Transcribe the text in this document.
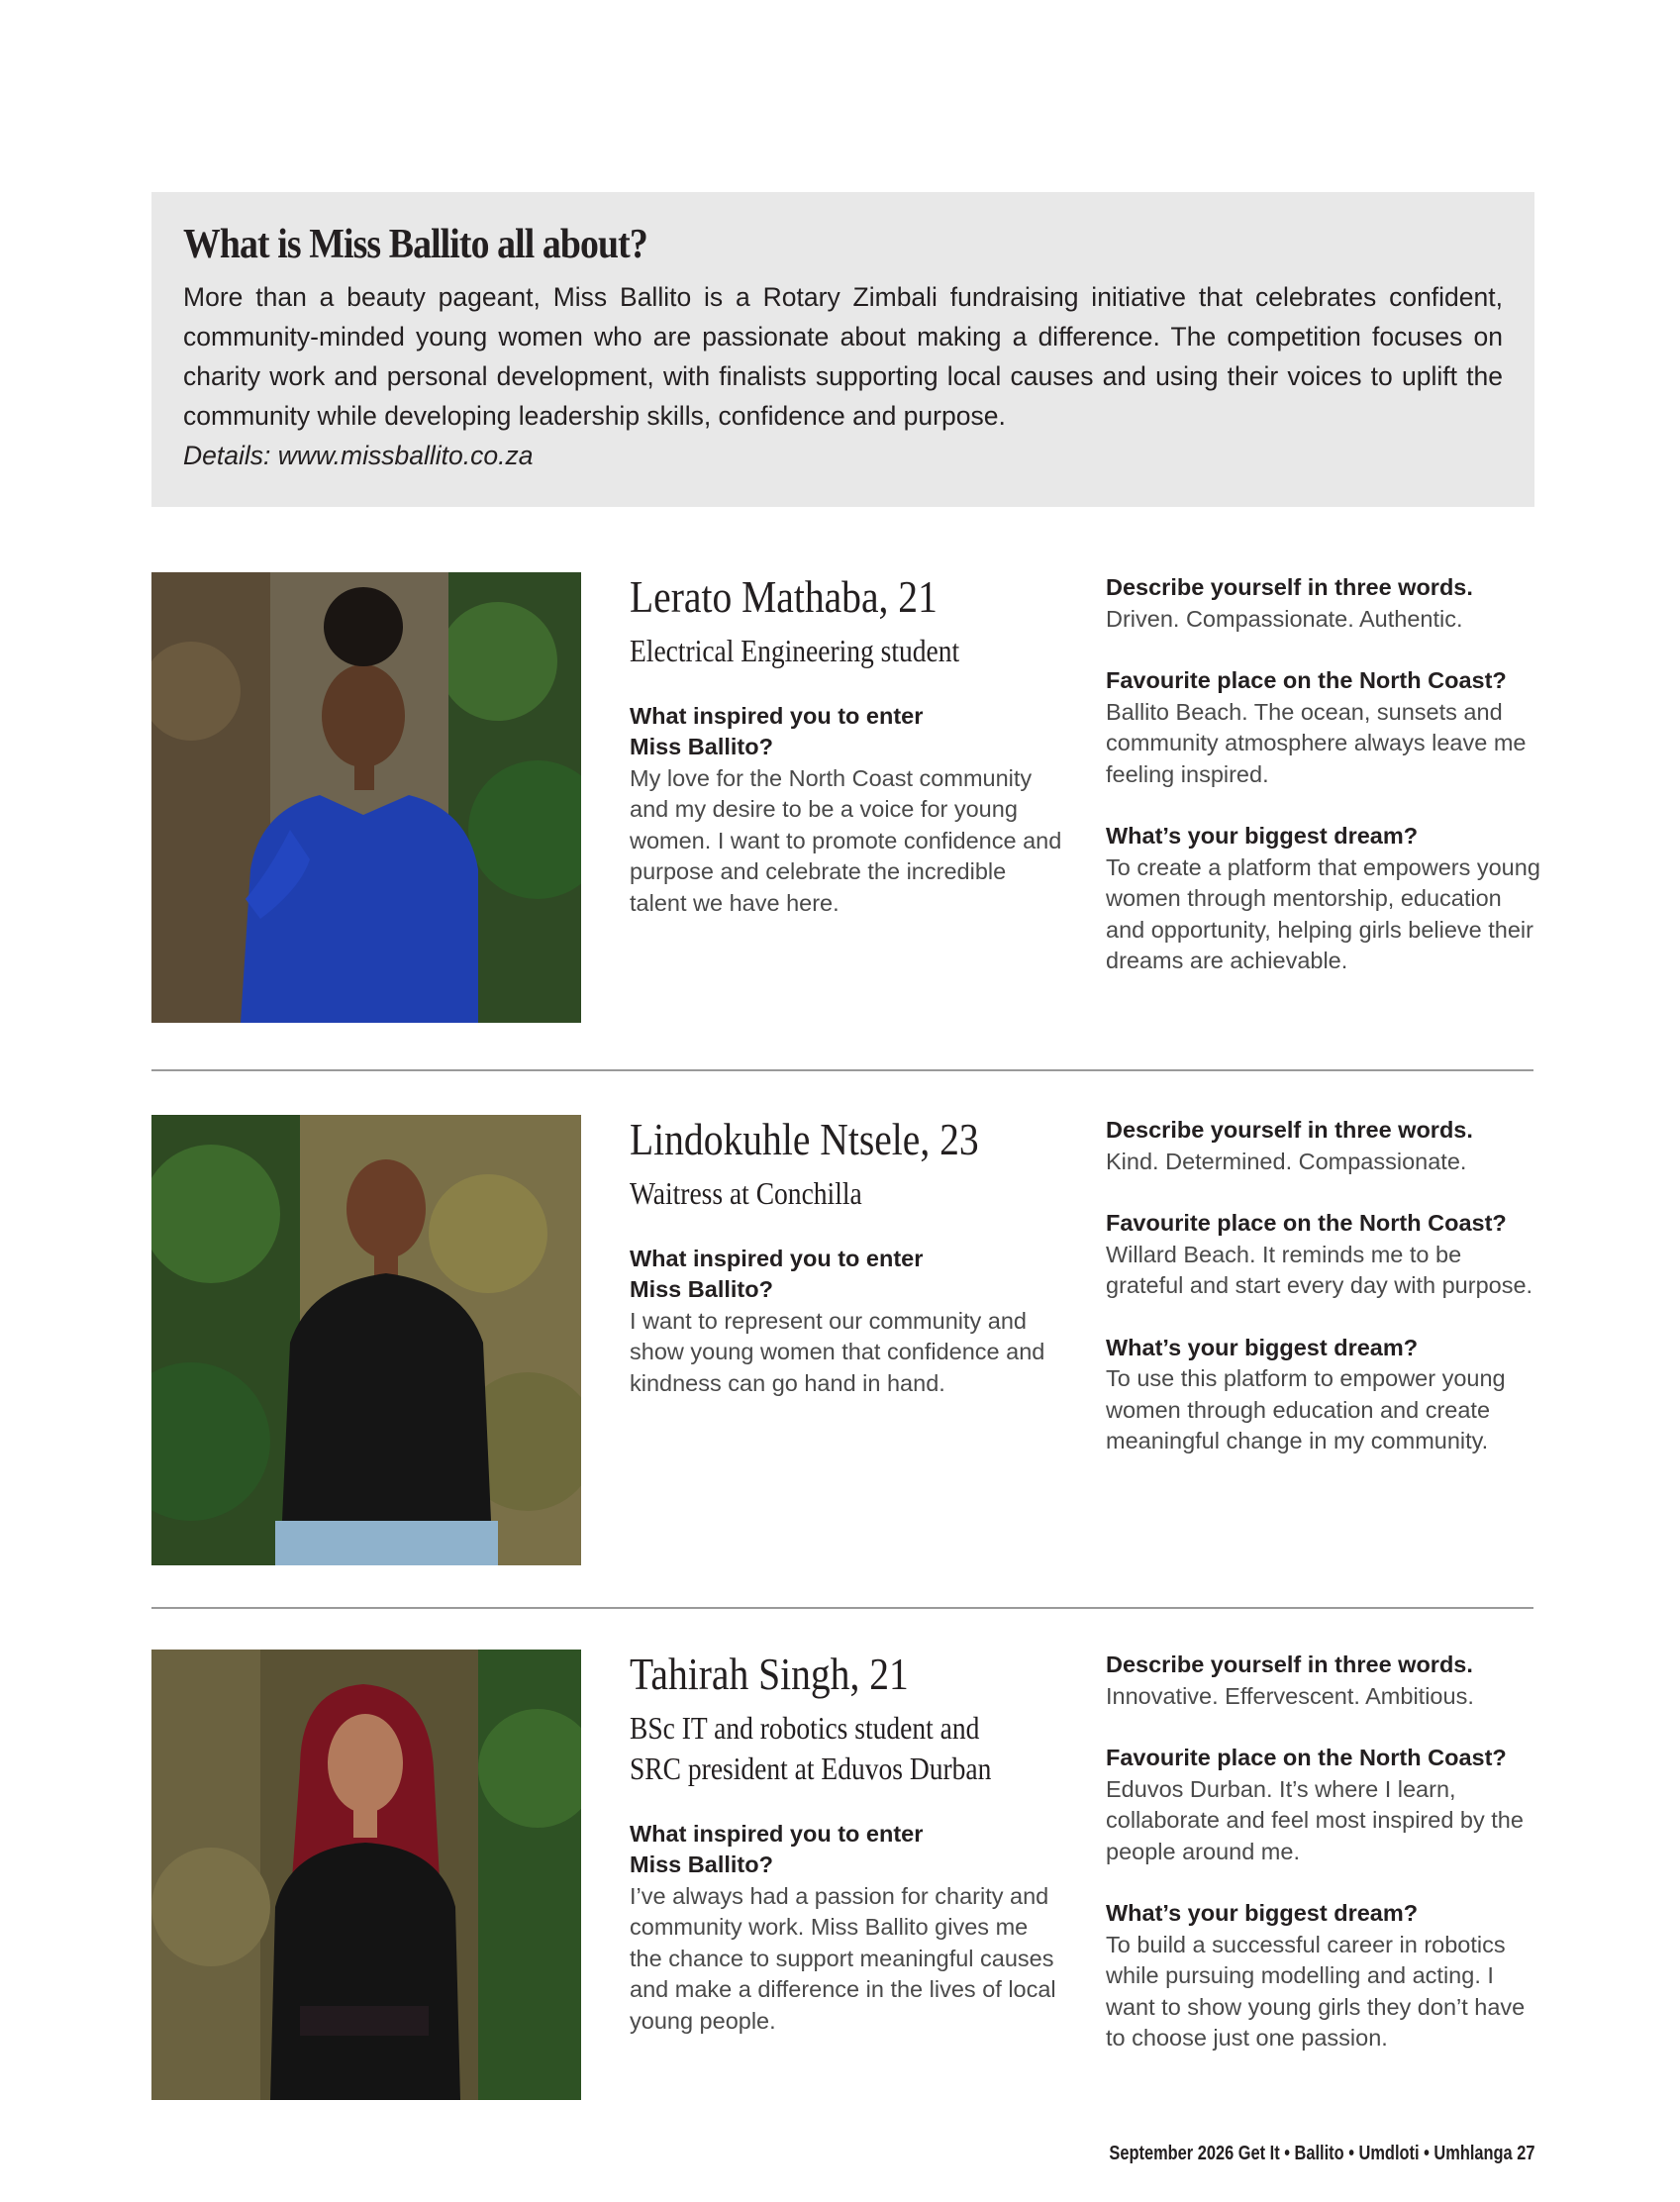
What is Miss Ballito all about?

More than a beauty pageant, Miss Ballito is a Rotary Zimbali fundraising initiative that celebrates confident, community-minded young women who are passionate about making a difference. The competition focuses on charity work and personal development, with finalists supporting local causes and using their voices to uplift the community while developing leadership skills, confidence and purpose.

Details: www.missballito.co.za

Lerato Mathaba, 21
Electrical Engineering student
What inspired you to enter
Miss Ballito?
My love for the North Coast community and my desire to be a voice for young women. I want to promote confidence and purpose and celebrate the incredible talent we have here.
Describe yourself in three words.
Driven. Compassionate. Authentic.
Favourite place on the North Coast?
Ballito Beach. The ocean, sunsets and community atmosphere always leave me feeling inspired.
What’s your biggest dream?
To create a platform that empowers young women through mentorship, education and opportunity, helping girls believe their dreams are achievable.
Lindokuhle Ntsele, 23
Waitress at Conchilla
What inspired you to enter
Miss Ballito?
I want to represent our community and show young women that confidence and kindness can go hand in hand.
Describe yourself in three words.
Kind. Determined. Compassionate.
Favourite place on the North Coast?
Willard Beach. It reminds me to be grateful and start every day with purpose.
What’s your biggest dream?
To use this platform to empower young women through education and create meaningful change in my community.
Tahirah Singh, 21
BSc IT and robotics student and
SRC president at Eduvos Durban
What inspired you to enter
Miss Ballito?
I’ve always had a passion for charity and community work. Miss Ballito gives me the chance to support meaningful causes and make a difference in the lives of local young people.
Describe yourself in three words.
Innovative. Effervescent. Ambitious.
Favourite place on the North Coast?
Eduvos Durban. It’s where I learn, collaborate and feel most inspired by the people around me.
What’s your biggest dream?
To build a successful career in robotics while pursuing modelling and acting. I want to show young girls they don’t have to choose just one passion.
September 2026 Get It • Ballito • Umdloti • Umhlanga 27
